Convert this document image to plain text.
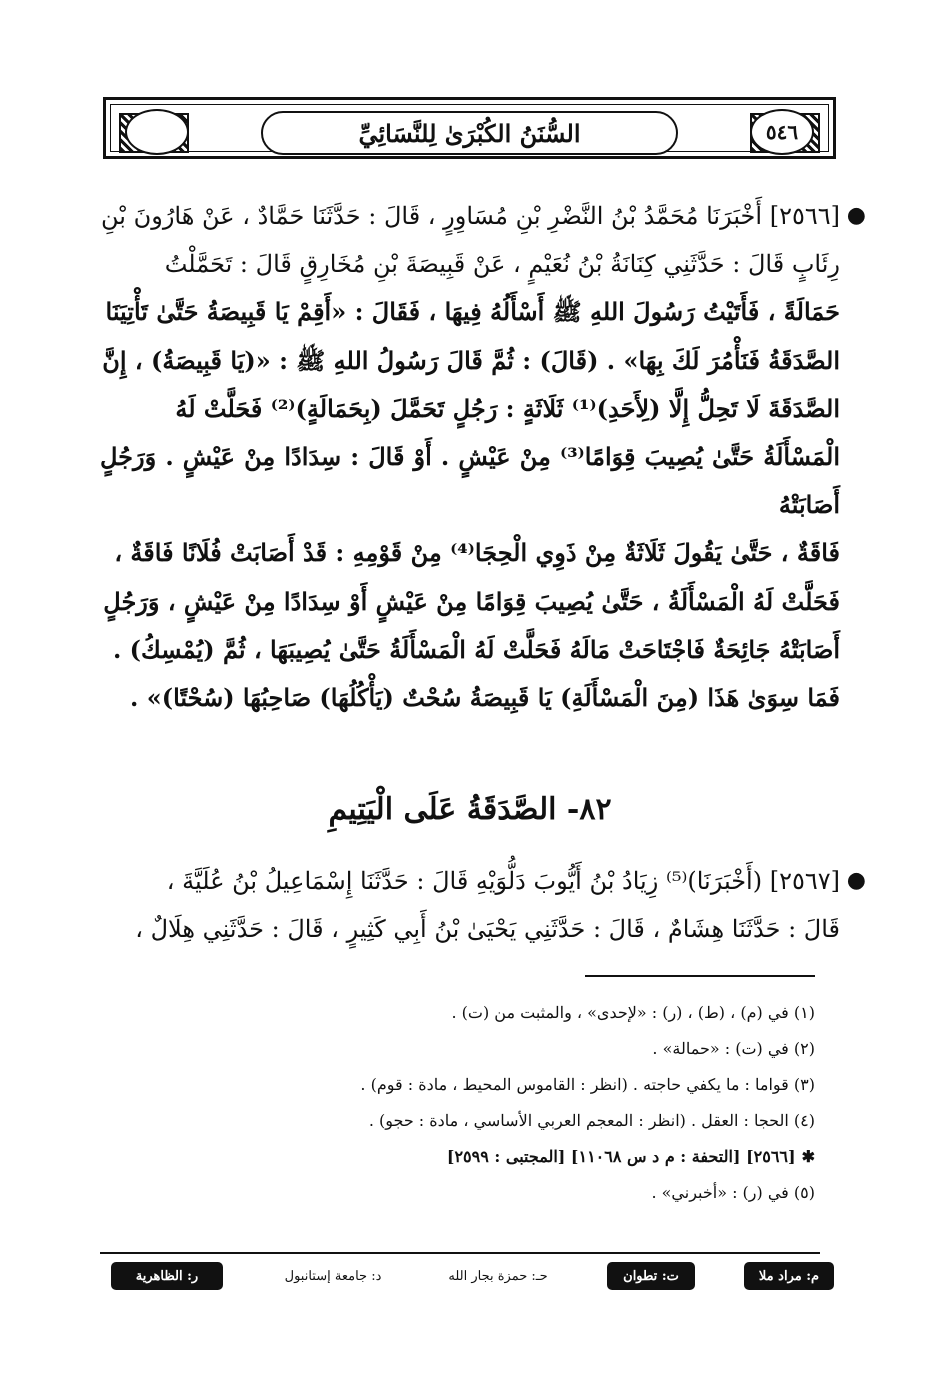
٥٤٦
السُّنَنُ الكُبْرَىٰ لِلنَّسَائِيِّ
●
[٢٥٦٦] أَخْبَرَنَا مُحَمَّدُ بْنُ النَّضْرِ بْنِ مُسَاوِرٍ ، قَالَ : حَدَّثَنَا حَمَّادٌ ، عَنْ هَارُونَ بْنِ
رِئَابٍ قَالَ : حَدَّثَنِي كِنَانَةُ بْنُ نُعَيْمٍ ، عَنْ قَبِيصَةَ بْنِ مُخَارِقٍ قَالَ : تَحَمَّلْتُ
حَمَالَةً ، فَأَتَيْتُ رَسُولَ اللهِ ﷺ أَسْأَلُهُ فِيهَا ، فَقَالَ : «أَقِمْ يَا قَبِيصَةُ حَتَّىٰ تَأْتِيَنَا
الصَّدَقَةُ فَنَأْمُرَ لَكَ بِهَا» . (قَالَ) : ثُمَّ قَالَ رَسُولُ اللهِ ﷺ : «(يَا قَبِيصَةُ) ، إِنَّ
الصَّدَقَةَ لَا تَحِلُّ إِلَّا (لِأَحَدِ)⁽¹⁾ ثَلَاثَةٍ : رَجُلٍ تَحَمَّلَ (بِحَمَالَةٍ)⁽²⁾ فَحَلَّتْ لَهُ
الْمَسْأَلَةُ حَتَّىٰ يُصِيبَ قِوَامًا⁽³⁾ مِنْ عَيْشٍ . أَوْ قَالَ : سِدَادًا مِنْ عَيْشٍ . وَرَجُلٍ أَصَابَتْهُ
فَاقَةٌ ، حَتَّىٰ يَقُولَ ثَلَاثَةٌ مِنْ ذَوِي الْحِجَا⁽⁴⁾ مِنْ قَوْمِهِ : قَدْ أَصَابَتْ فُلَانًا فَاقَةٌ ،
فَحَلَّتْ لَهُ الْمَسْأَلَةُ ، حَتَّىٰ يُصِيبَ قِوَامًا مِنْ عَيْشٍ أَوْ سِدَادًا مِنْ عَيْشٍ ، وَرَجُلٍ
أَصَابَتْهُ جَائِحَةٌ فَاجْتَاحَتْ مَالَهُ فَحَلَّتْ لَهُ الْمَسْأَلَةُ حَتَّىٰ يُصِيبَهَا ، ثُمَّ (يُمْسِكُ) .
فَمَا سِوَىٰ هَذَا (مِنَ الْمَسْأَلَةِ) يَا قَبِيصَةُ سُحْتٌ (يَأْكُلُهَا) صَاحِبُهَا (سُحْتًا)» .
٨٢- الصَّدَقَةُ عَلَى الْيَتِيمِ
●
[٢٥٦٧] (أَخْبَرَنَا)⁽⁵⁾ زِيَادُ بْنُ أَيُّوبَ دَلُّوَيْهِ قَالَ : حَدَّثَنَا إِسْمَاعِيلُ بْنُ عُلَيَّةَ ،
قَالَ : حَدَّثَنَا هِشَامٌ ، قَالَ : حَدَّثَنِي يَحْيَىٰ بْنُ أَبِي كَثِيرٍ ، قَالَ : حَدَّثَنِي هِلَالٌ ،

(١) في (م) ، (ط) ، (ر) : «لإحدى» ، والمثبت من (ت) .

(٢) في (ت) : «حمالة» .

(٣) قواما : ما يكفي حاجته . (انظر : القاموس المحيط ، مادة : قوم) .

(٤) الحجا : العقل . (انظر : المعجم العربي الأساسي ، مادة : حجو) .

✱[٢٥٦٦] [التحفة : م د س ١١٠٦٨] [المجتبى : ٢٥٩٩]

(٥) في (ر) : «أخبرني» .

م: مراد ملا
ت: تطوان
حـ: حمزة بجار الله
د: جامعة إستانبول
ر: الظاهرية
